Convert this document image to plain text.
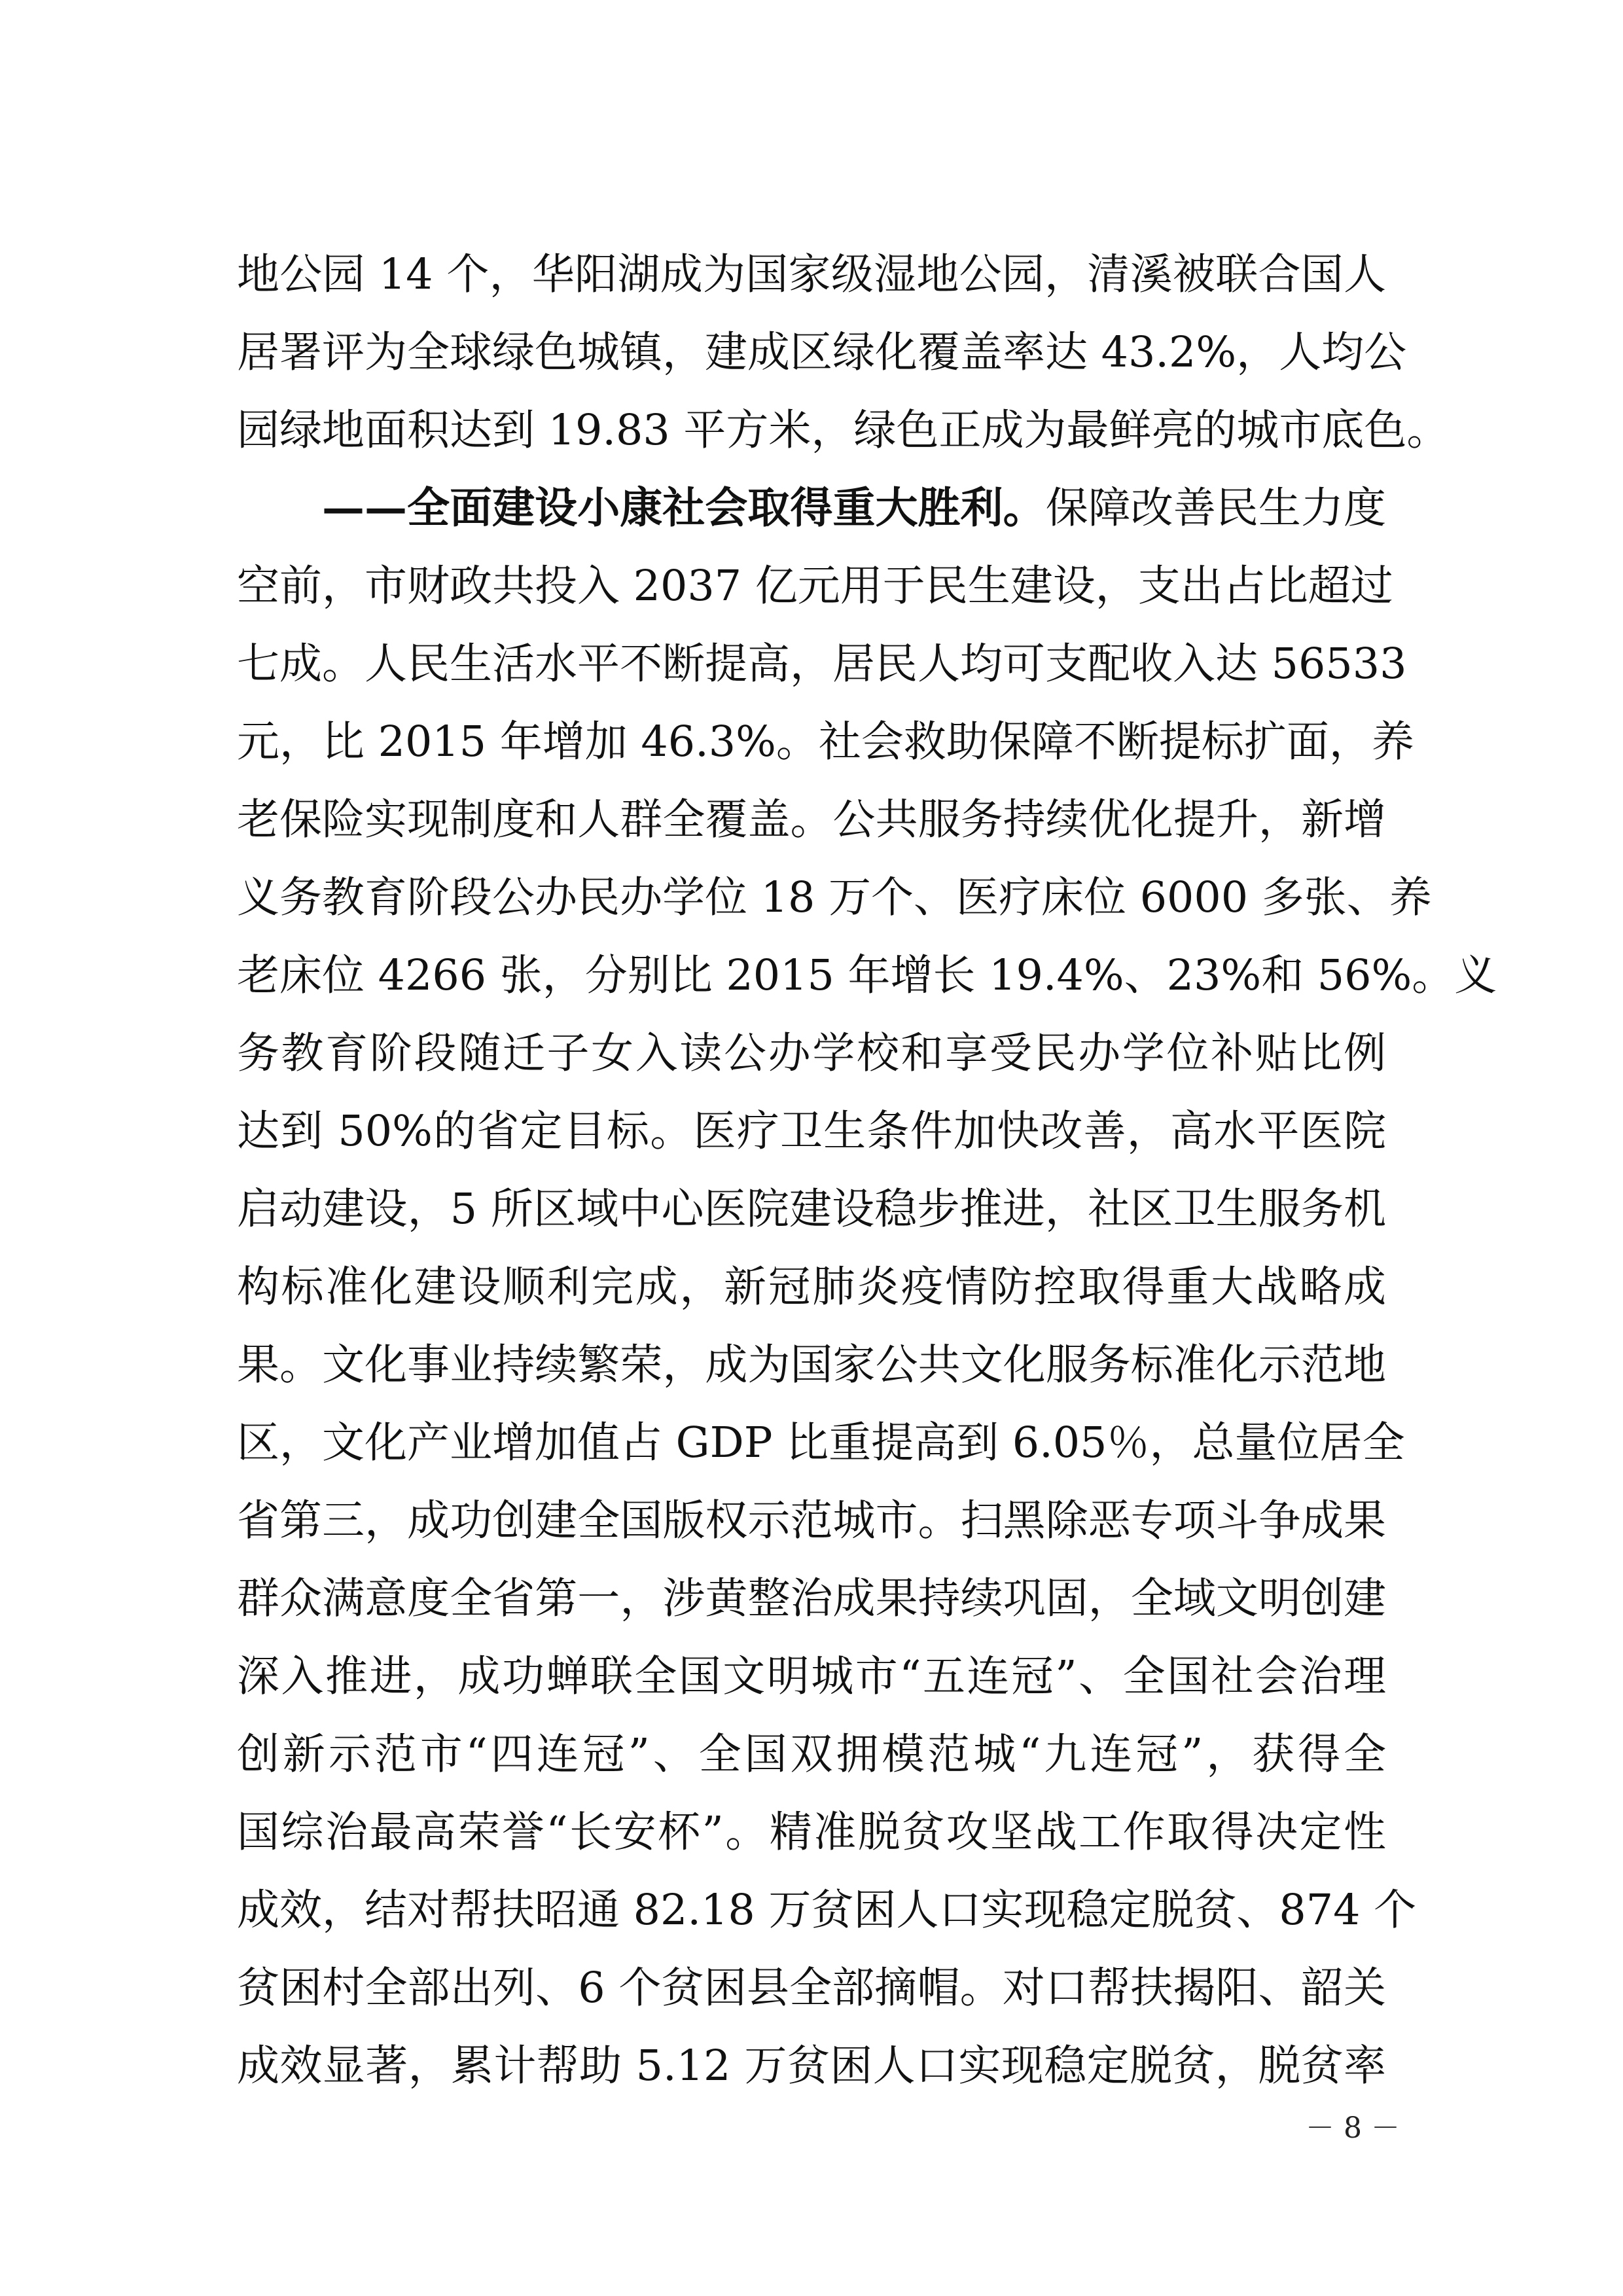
地公园 14 个，华阳湖成为国家级湿地公园，清溪被联合国人
居署评为全球绿色城镇，建成区绿化覆盖率达 43.2%，人均公
园绿地面积达到 19.83 平方米，绿色正成为最鲜亮的城市底色。
——全面建设小康社会取得重大胜利。保障改善民生力度
空前，市财政共投入 2037 亿元用于民生建设，支出占比超过
七成。人民生活水平不断提高，居民人均可支配收入达 56533
元，比 2015 年增加 46.3%。社会救助保障不断提标扩面，养
老保险实现制度和人群全覆盖。公共服务持续优化提升，新增
义务教育阶段公办民办学位 18 万个、医疗床位 6000 多张、养
老床位 4266 张，分别比 2015 年增长 19.4%、23%和 56%。义
务教育阶段随迁子女入读公办学校和享受民办学位补贴比例
达到 50%的省定目标。医疗卫生条件加快改善，高水平医院
启动建设，5 所区域中心医院建设稳步推进，社区卫生服务机
构标准化建设顺利完成，新冠肺炎疫情防控取得重大战略成
果。文化事业持续繁荣，成为国家公共文化服务标准化示范地
区，文化产业增加值占 GDP 比重提高到 6.05％，总量位居全
省第三，成功创建全国版权示范城市。扫黑除恶专项斗争成果
群众满意度全省第一，涉黄整治成果持续巩固，全域文明创建
深入推进，成功蝉联全国文明城市“五连冠”、全国社会治理
创新示范市“四连冠”、全国双拥模范城“九连冠”，获得全
国综治最高荣誉“长安杯”。精准脱贫攻坚战工作取得决定性
成效，结对帮扶昭通 82.18 万贫困人口实现稳定脱贫、874 个
贫困村全部出列、6 个贫困县全部摘帽。对口帮扶揭阳、韶关
成效显著，累计帮助 5.12 万贫困人口实现稳定脱贫，脱贫率
－ 8 －
